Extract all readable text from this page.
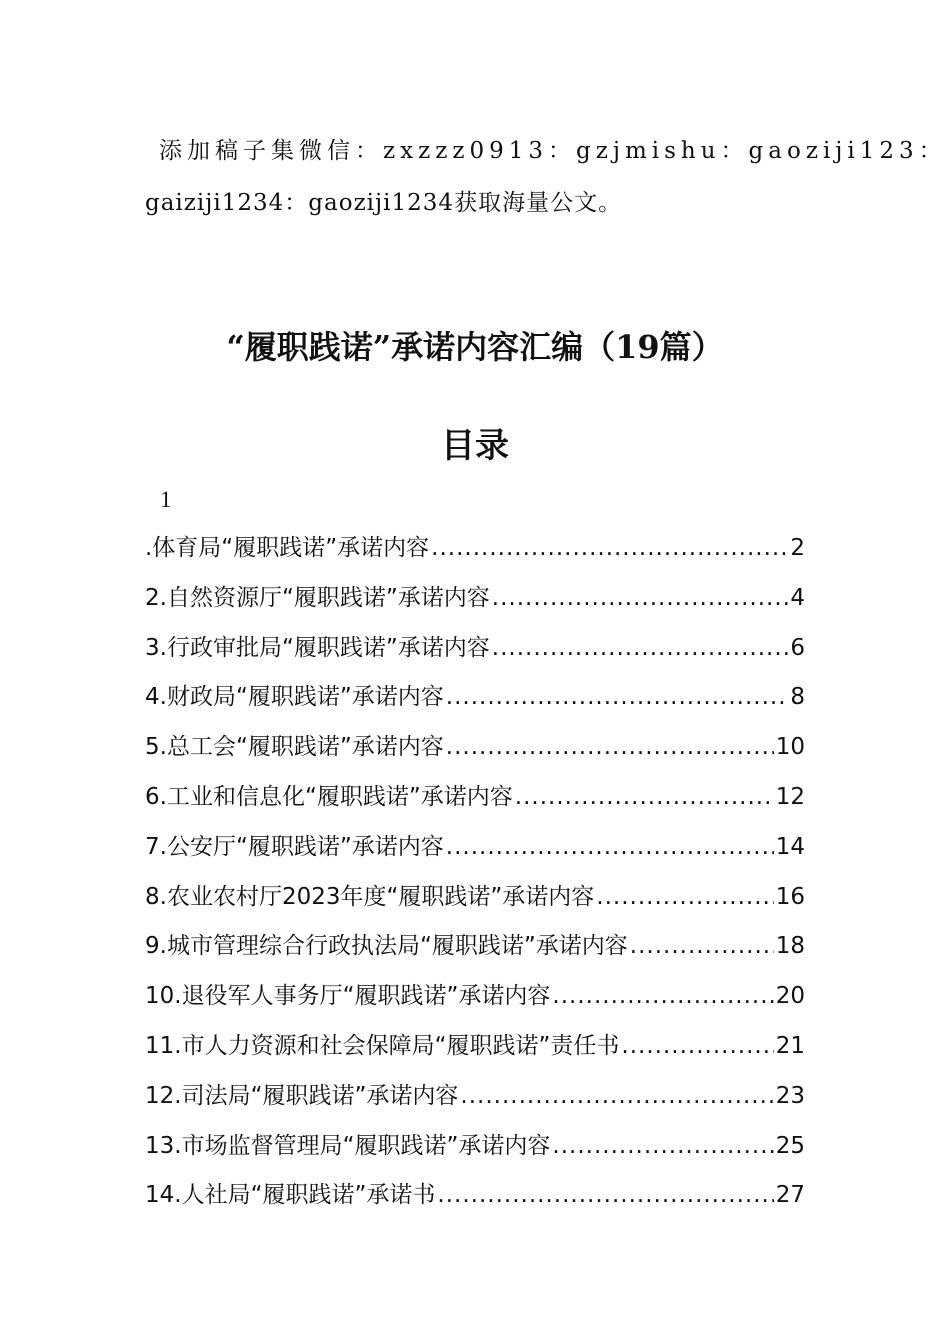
添加稿子集微信：zxzzz0913：gzjmishu：gaoziji123：
gaiziji1234：gaoziji1234获取海量公文。
“履职践诺”承诺内容汇编（19篇）
目录
1
.体育局“履职践诺”承诺内容 .....	2
2.自然资源厅“履职践诺”承诺内容 .....	4
3.行政审批局“履职践诺”承诺内容 .....	6
4.财政局“履职践诺”承诺内容 .....	8
5.总工会“履职践诺”承诺内容 .....	10
6.工业和信息化“履职践诺”承诺内容 .....	12
7.公安厅“履职践诺”承诺内容 .....	14
8.农业农村厅2023年度“履职践诺”承诺内容 .....	16
9.城市管理综合行政执法局“履职践诺”承诺内容 .....	18
10.退役军人事务厅“履职践诺”承诺内容 .....	20
11.市人力资源和社会保障局“履职践诺”责任书 .....	21
12.司法局“履职践诺”承诺内容 .....	23
13.市场监督管理局“履职践诺”承诺内容 .....	25
14.人社局“履职践诺”承诺书 .....	27
